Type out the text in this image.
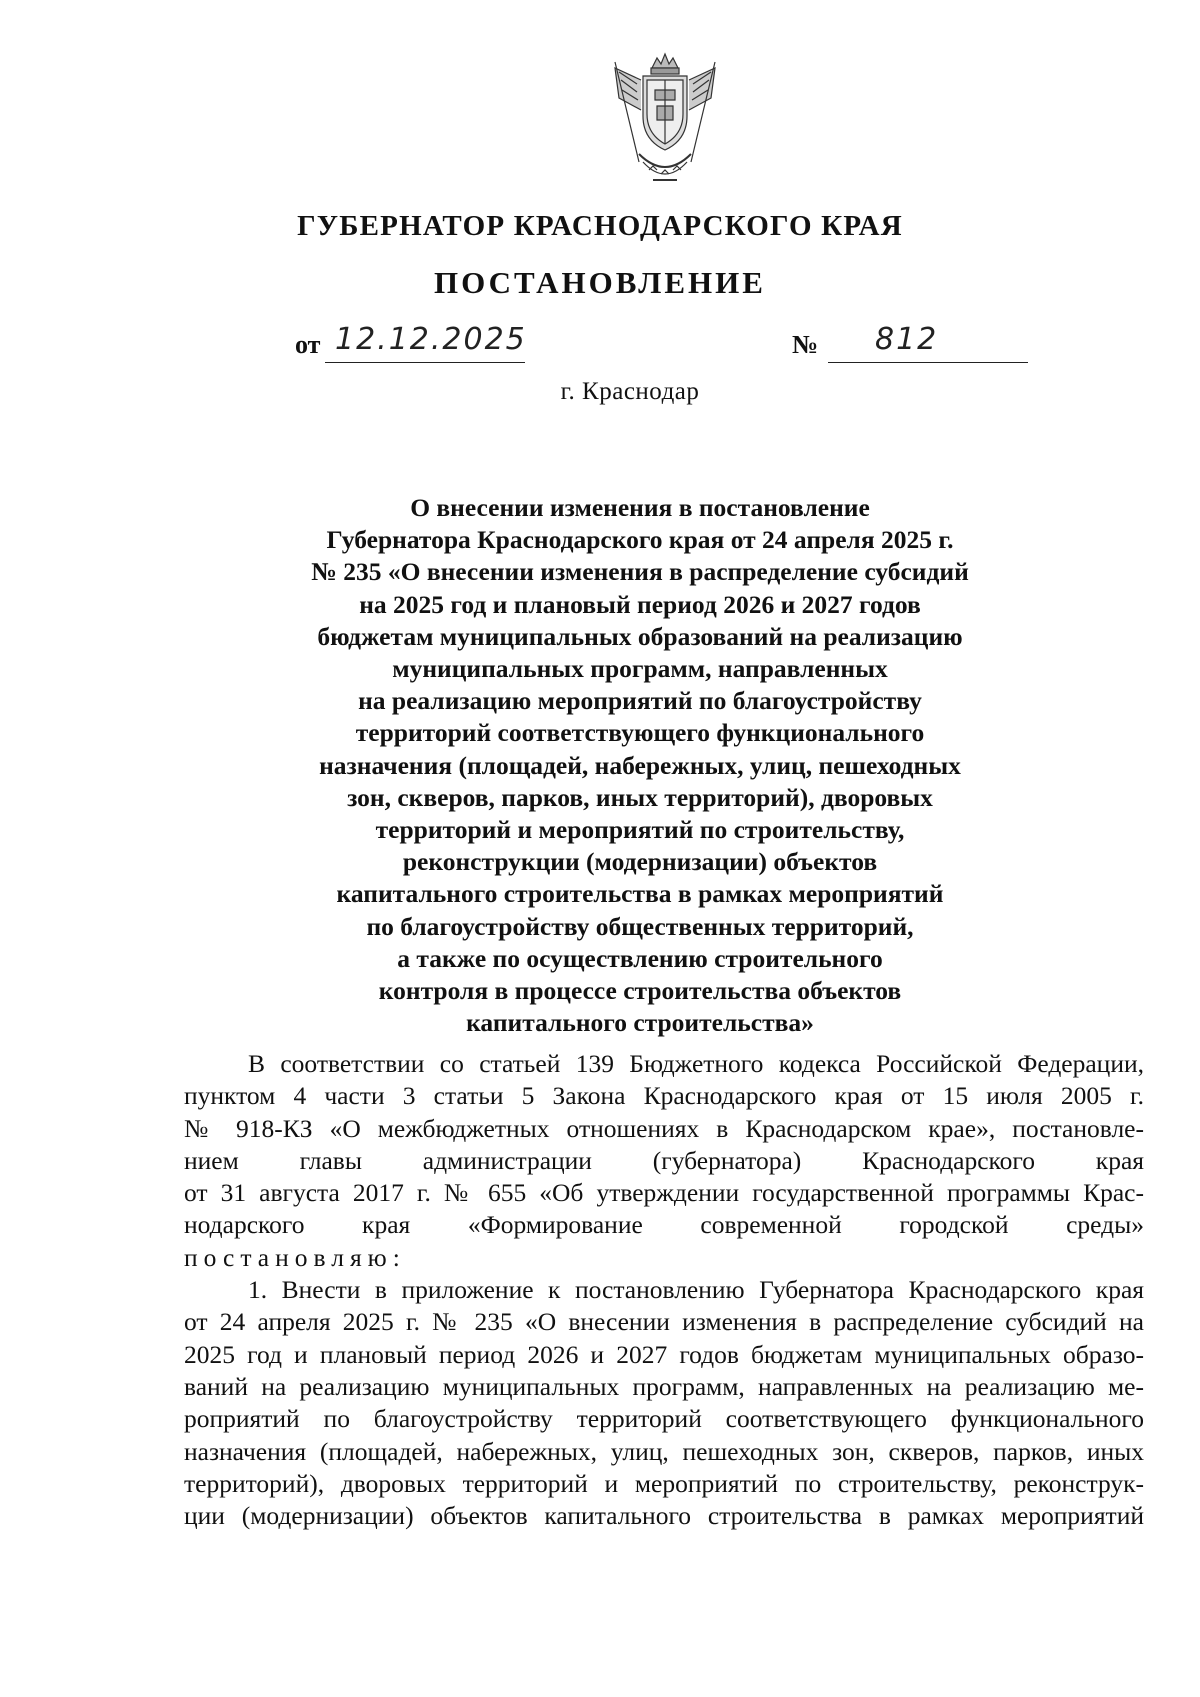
ГУБЕРНАТОР КРАСНОДАРСКОГО КРАЯ
ПОСТАНОВЛЕНИЕ
от 12.12.2025	№ 812
г. Краснодар
О внесении изменения в постановление
Губернатора Краснодарского края от 24 апреля 2025 г.
№ 235 «О внесении изменения в распределение субсидий
на 2025 год и плановый период 2026 и 2027 годов
бюджетам муниципальных образований на реализацию
муниципальных программ, направленных
на реализацию мероприятий по благоустройству
территорий соответствующего функционального
назначения (площадей, набережных, улиц, пешеходных
зон, скверов, парков, иных территорий), дворовых
территорий и мероприятий по строительству,
реконструкции (модернизации) объектов
капитального строительства в рамках мероприятий
по благоустройству общественных территорий,
а также по осуществлению строительного
контроля в процессе строительства объектов
капитального строительства»
В соответствии со статьей 139 Бюджетного кодекса Российской Федерации,
пунктом 4 части 3 статьи 5 Закона Краснодарского края от 15 июля 2005 г.
№ 918-КЗ «О межбюджетных отношениях в Краснодарском крае», постановле-
нием главы администрации (губернатора) Краснодарского края
от 31 августа 2017 г. № 655 «Об утверждении государственной программы Крас-
нодарского края «Формирование современной городской среды»
постановляю:
1. Внести в приложение к постановлению Губернатора Краснодарского края
от 24 апреля 2025 г. № 235 «О внесении изменения в распределение субсидий на
2025 год и плановый период 2026 и 2027 годов бюджетам муниципальных образо-
ваний на реализацию муниципальных программ, направленных на реализацию ме-
роприятий по благоустройству территорий соответствующего функционального
назначения (площадей, набережных, улиц, пешеходных зон, скверов, парков, иных
территорий), дворовых территорий и мероприятий по строительству, реконструк-
ции (модернизации) объектов капитального строительства в рамках мероприятий
